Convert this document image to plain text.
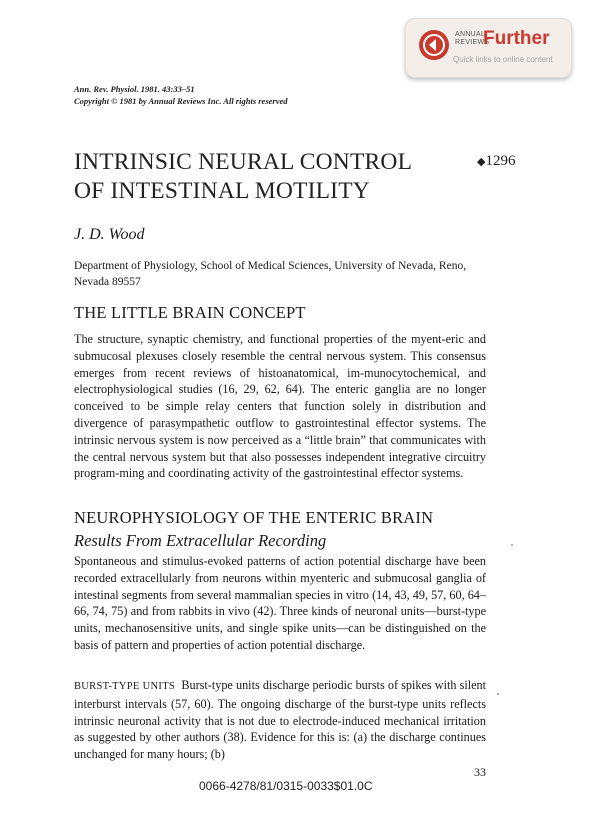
ANNUAL
REVIEWS
Further
Quick links to online content
Ann. Rev. Physiol. 1981. 43:33–51
Copyright © 1981 by Annual Reviews Inc. All rights reserved
INTRINSIC NEURAL CONTROL
OF INTESTINAL MOTILITY
◆1296
J. D. Wood
Department of Physiology, School of Medical Sciences, University of Nevada, Reno, Nevada 89557
THE LITTLE BRAIN CONCEPT
The structure, synaptic chemistry, and functional properties of the myent-eric and submucosal plexuses closely resemble the central nervous system. This consensus emerges from recent reviews of histoanatomical, im-munocytochemical, and electrophysiological studies (16, 29, 62, 64). The enteric ganglia are no longer conceived to be simple relay centers that function solely in distribution and divergence of parasympathetic outflow to gastrointestinal effector systems. The intrinsic nervous system is now perceived as a “little brain” that communicates with the central nervous system but that also possesses independent integrative circuitry program-ming and coordinating activity of the gastrointestinal effector systems.
NEUROPHYSIOLOGY OF THE ENTERIC BRAIN
Results From Extracellular Recording
Spontaneous and stimulus-evoked patterns of action potential discharge have been recorded extracellularly from neurons within myenteric and submucosal ganglia of intestinal segments from several mammalian species in vitro (14, 43, 49, 57, 60, 64–66, 74, 75) and from rabbits in vivo (42). Three kinds of neuronal units—burst-type units, mechanosensitive units, and single spike units—can be distinguished on the basis of pattern and properties of action potential discharge.
BURST-TYPE UNITS Burst-type units discharge periodic bursts of spikes with silent interburst intervals (57, 60). The ongoing discharge of the burst-type units reflects intrinsic neuronal activity that is not due to electrode-induced mechanical irritation as suggested by other authors (38). Evidence for this is: (a) the discharge continues unchanged for many hours; (b)
33
0066-4278/81/0315-0033$01.0C
